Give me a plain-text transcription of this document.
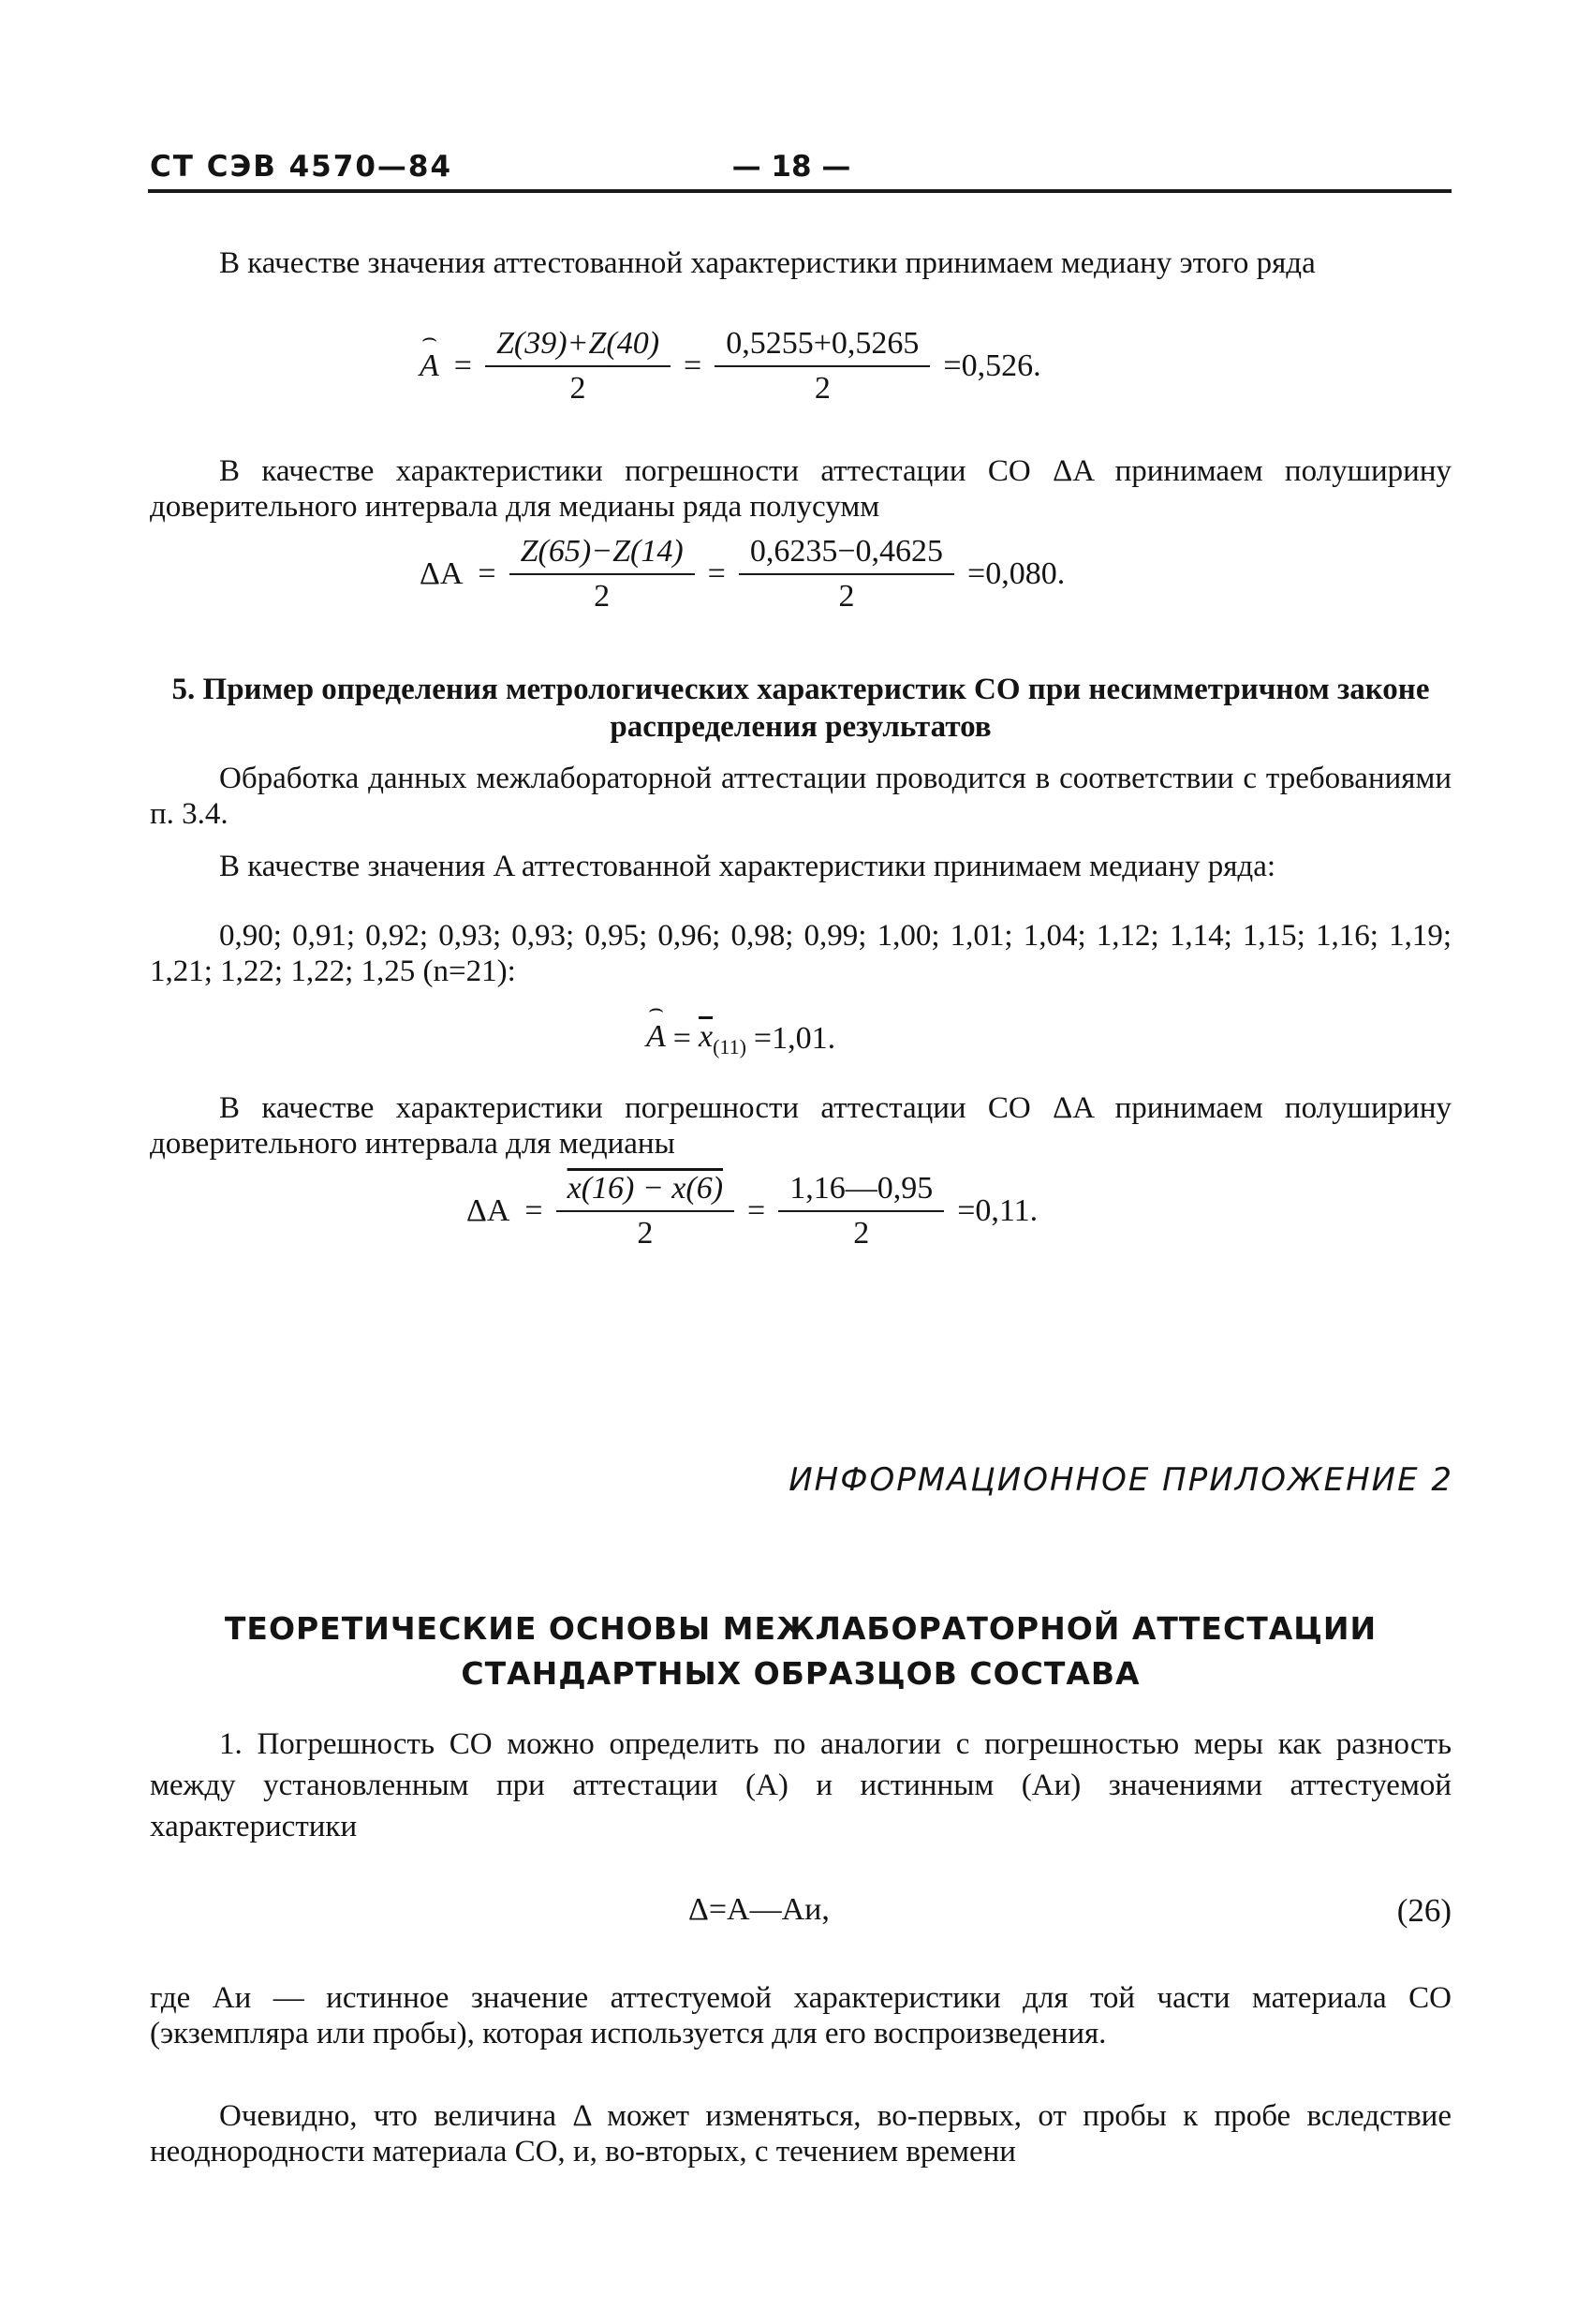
СТ СЭВ 4570—84	— 18 —
В качестве значения аттестованной характеристики принимаем медиану этого ряда
⌢ $A = \frac{Z(39)+Z(40)}{2} = \frac{0,5255+0,5265}{2} =0,526$.
В качестве характеристики погрешности аттестации СО ΔA принимаем полуширину доверительного интервала для медианы ряда полусумм
$\Delta A = \frac{Z(65)-Z(14)}{2} = \frac{0,6235-0,4625}{2} =0,080$.
5. Пример определения метрологических характеристик СО при несимметричном законе распределения результатов
Обработка данных межлабораторной аттестации проводится в соответствии с требованиями п. 3.4.
В качестве значения A аттестованной характеристики принимаем медиану ряда:
0,90; 0,91; 0,92; 0,93; 0,93; 0,95; 0,96; 0,98; 0,99; 1,00; 1,01; 1,04; 1,12; 1,14; 1,15; 1,16; 1,19; 1,21; 1,22; 1,22; 1,25 (n=21):
⌢ $A = \overline{x}_{(11)} =1,01$.
В качестве характеристики погрешности аттестации СО ΔA принимаем полуширину доверительного интервала для медианы
$\Delta A = \frac{x(16) - x(6)}{2} = \frac{1,16—0,95}{2} =0,11$.
ИНФОРМАЦИОННОЕ ПРИЛОЖЕНИЕ 2
ТЕОРЕТИЧЕСКИЕ ОСНОВЫ МЕЖЛАБОРАТОРНОЙ АТТЕСТАЦИИ
СТАНДАРТНЫХ ОБРАЗЦОВ СОСТАВА
1. Погрешность СО можно определить по аналогии с погрешностью меры как разность между установленным при аттестации (A) и истинным (Aи) значениями аттестуемой характеристики
Δ=A—Aи,	(26)
где Aи — истинное значение аттестуемой характеристики для той части материала СО (экземпляра или пробы), которая используется для его воспроизведения.
Очевидно, что величина Δ может изменяться, во-первых, от пробы к пробе вследствие неоднородности материала СО, и, во-вторых, с течением времени
